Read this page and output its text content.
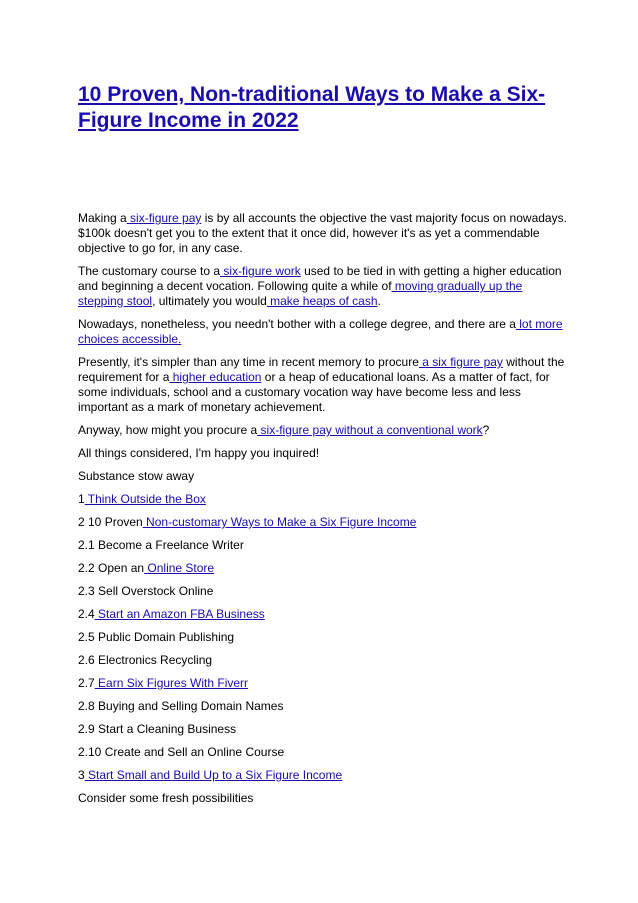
10 Proven, Non-traditional Ways to Make a Six-Figure Income in 2022

Making a six-figure pay is by all accounts the objective the vast majority focus on nowadays. $100k doesn't get you to the extent that it once did, however it's as yet a commendable objective to go for, in any case.

The customary course to a six-figure work used to be tied in with getting a higher education and beginning a decent vocation. Following quite a while of moving gradually up the stepping stool, ultimately you would make heaps of cash.

Nowadays, nonetheless, you needn't bother with a college degree, and there are a lot more choices accessible.

Presently, it's simpler than any time in recent memory to procure a six figure pay without the requirement for a higher education or a heap of educational loans. As a matter of fact, for some individuals, school and a customary vocation way have become less and less important as a mark of monetary achievement.

Anyway, how might you procure a six-figure pay without a conventional work?

All things considered, I'm happy you inquired!

Substance stow away

1 Think Outside the Box

2 10 Proven Non-customary Ways to Make a Six Figure Income

2.1 Become a Freelance Writer

2.2 Open an Online Store

2.3 Sell Overstock Online

2.4 Start an Amazon FBA Business

2.5 Public Domain Publishing

2.6 Electronics Recycling

2.7 Earn Six Figures With Fiverr

2.8 Buying and Selling Domain Names

2.9 Start a Cleaning Business

2.10 Create and Sell an Online Course

3 Start Small and Build Up to a Six Figure Income

Consider some fresh possibilities
